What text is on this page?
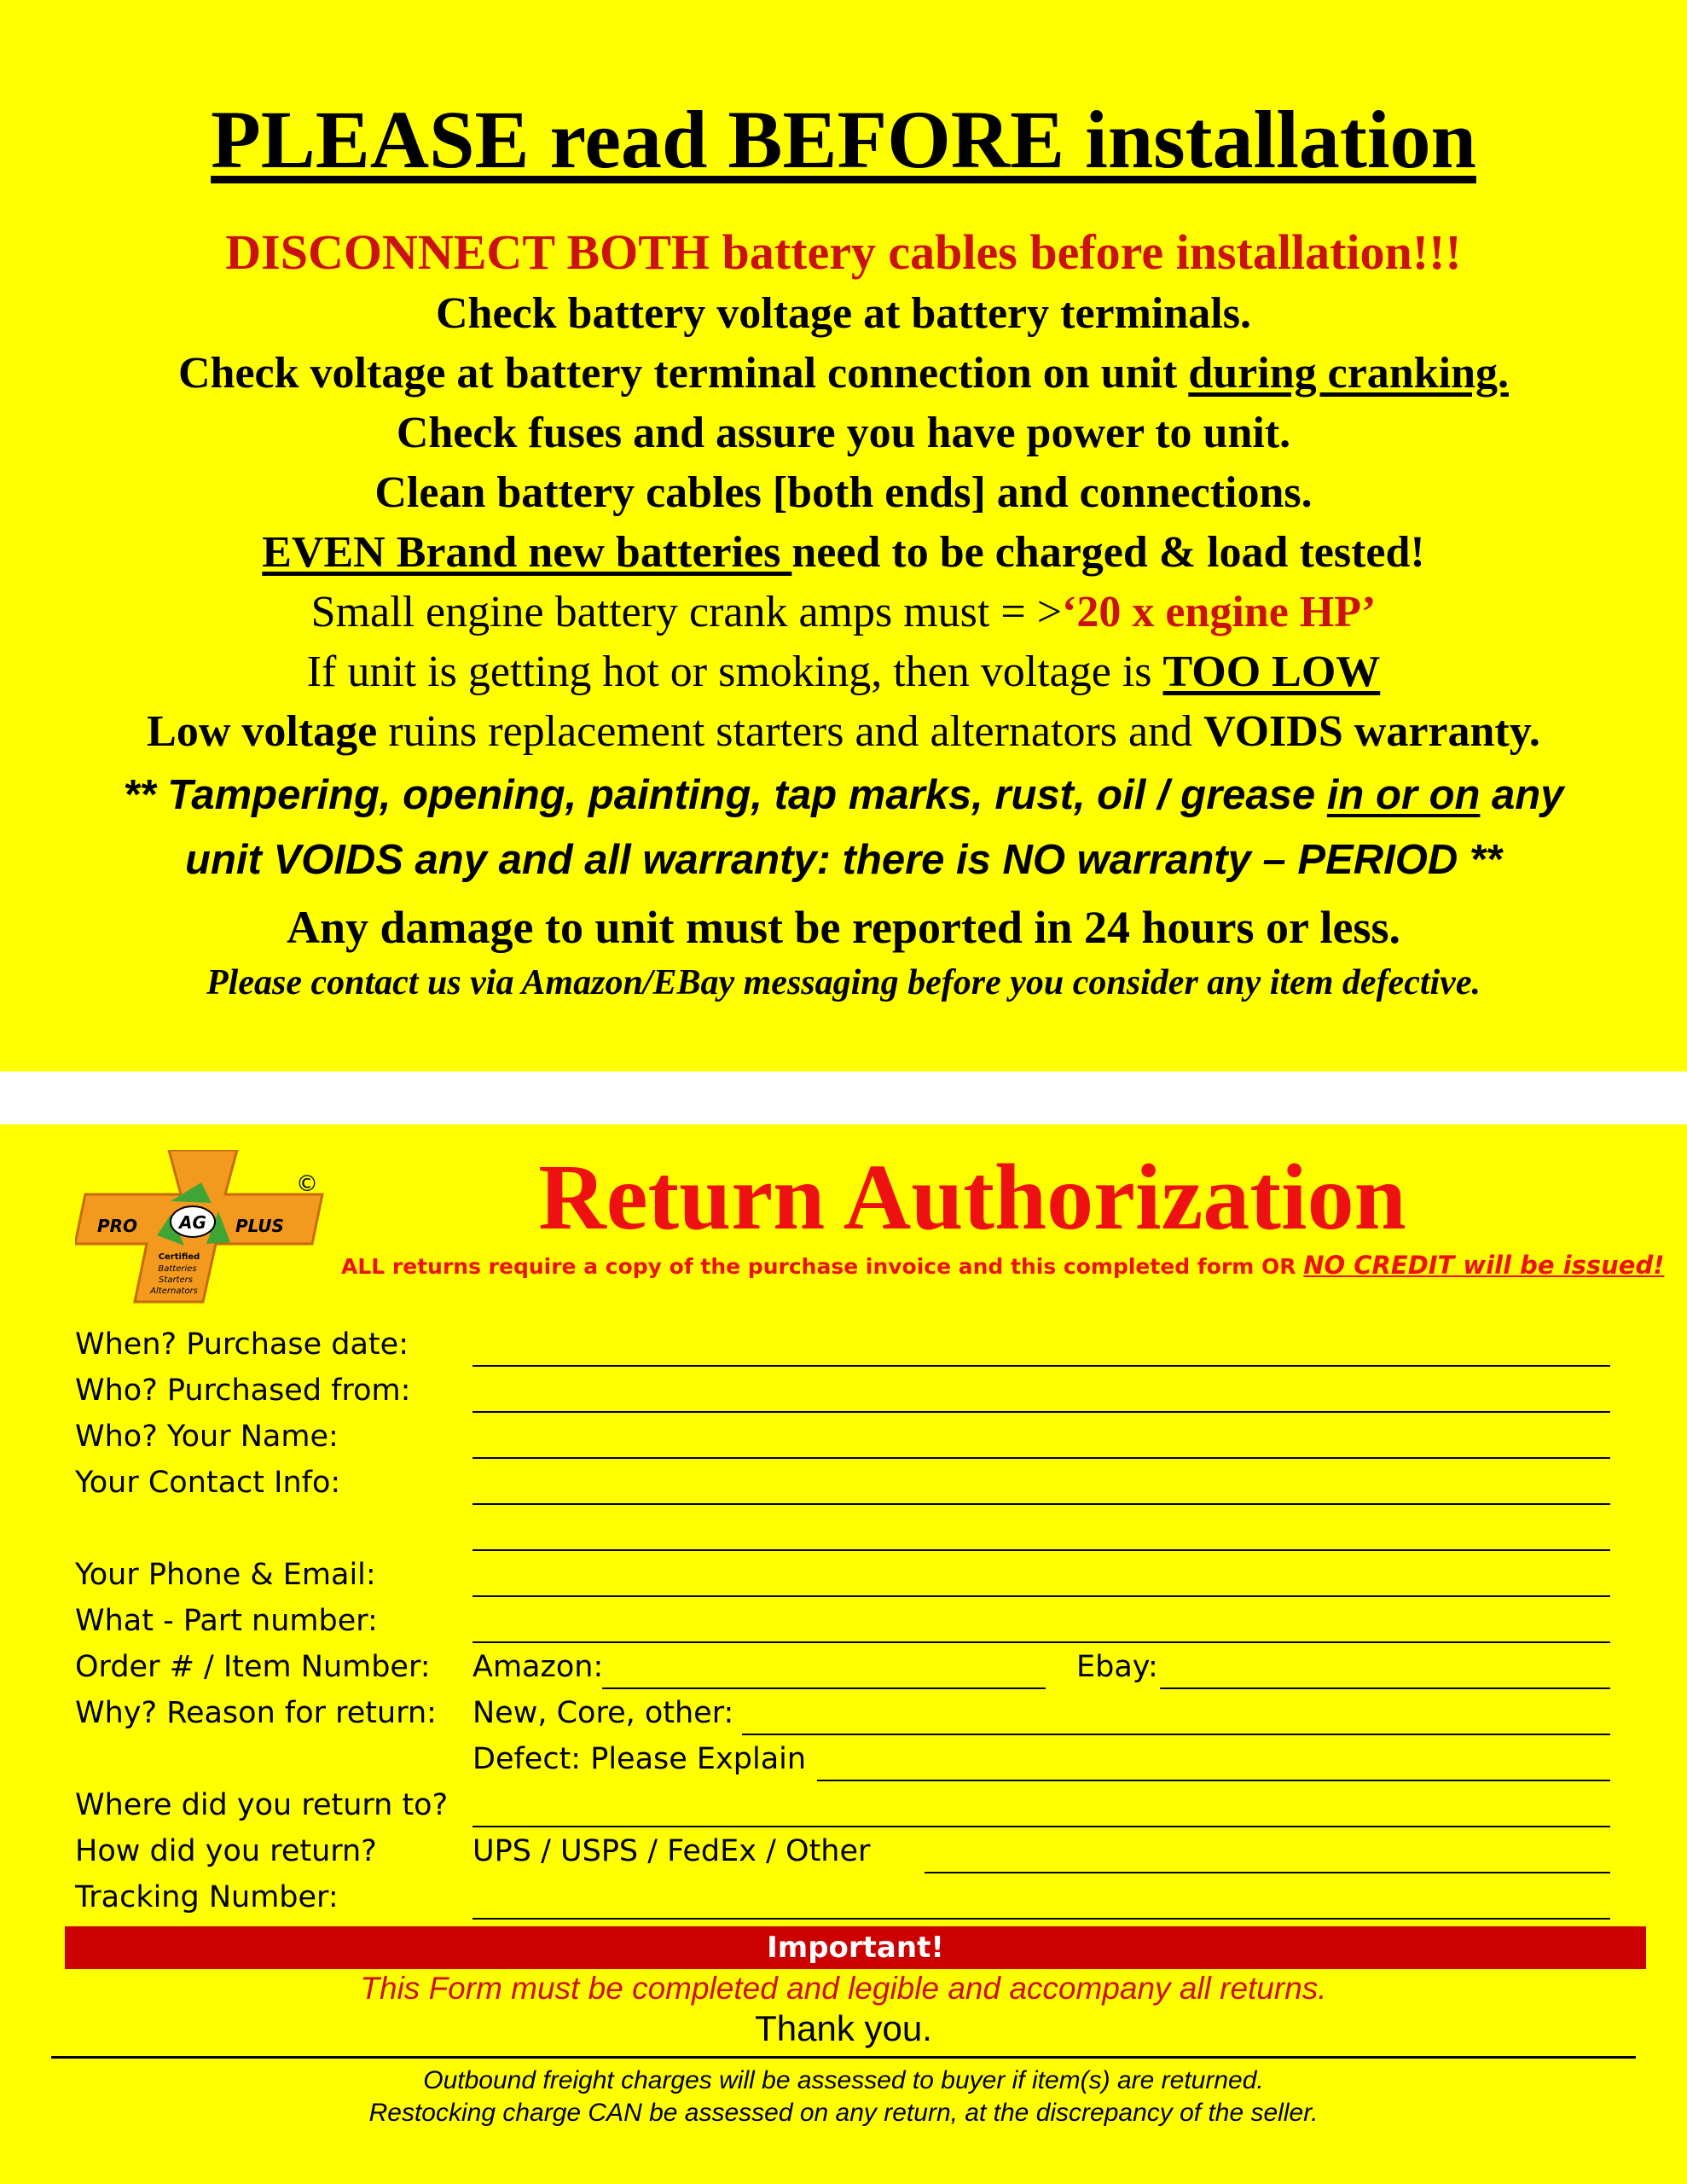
PLEASE read BEFORE installation
DISCONNECT BOTH battery cables before installation!!!
Check battery voltage at battery terminals.
Check voltage at battery terminal connection on unit during cranking.
Check fuses and assure you have power to unit.
Clean battery cables [both ends] and connections.
EVEN Brand new batteries need to be charged & load tested!
Small engine battery crank amps must = >‘20 x engine HP’
If unit is getting hot or smoking, then voltage is TOO LOW
Low voltage ruins replacement starters and alternators and VOIDS warranty.
** Tampering, opening, painting, tap marks, rust, oil / grease in or on any
unit VOIDS any and all warranty: there is NO warranty – PERIOD **
Any damage to unit must be reported in 24 hours or less.
Please contact us via Amazon/EBay messaging before you consider any item defective.
AG
PRO	PLUS
Certified
Batteries
Starters
Alternators
©	Return Authorization
ALL returns require a copy of the purchase invoice and this completed form OR NO CREDIT will be issued!
When? Purchase date:
Who? Purchased from:
Who? Your Name:
Your Contact Info:
Your Phone & Email:
What - Part number:
Order # / Item Number: Amazon:	Ebay:
Why? Reason for return: New, Core, other:
Defect: Please Explain
Where did you return to?
How did you return?	UPS / USPS / FedEx / Other
Tracking Number:
Important!
This Form must be completed and legible and accompany all returns.
Thank you.
Outbound freight charges will be assessed to buyer if item(s) are returned.
Restocking charge CAN be assessed on any return, at the discrepancy of the seller.
